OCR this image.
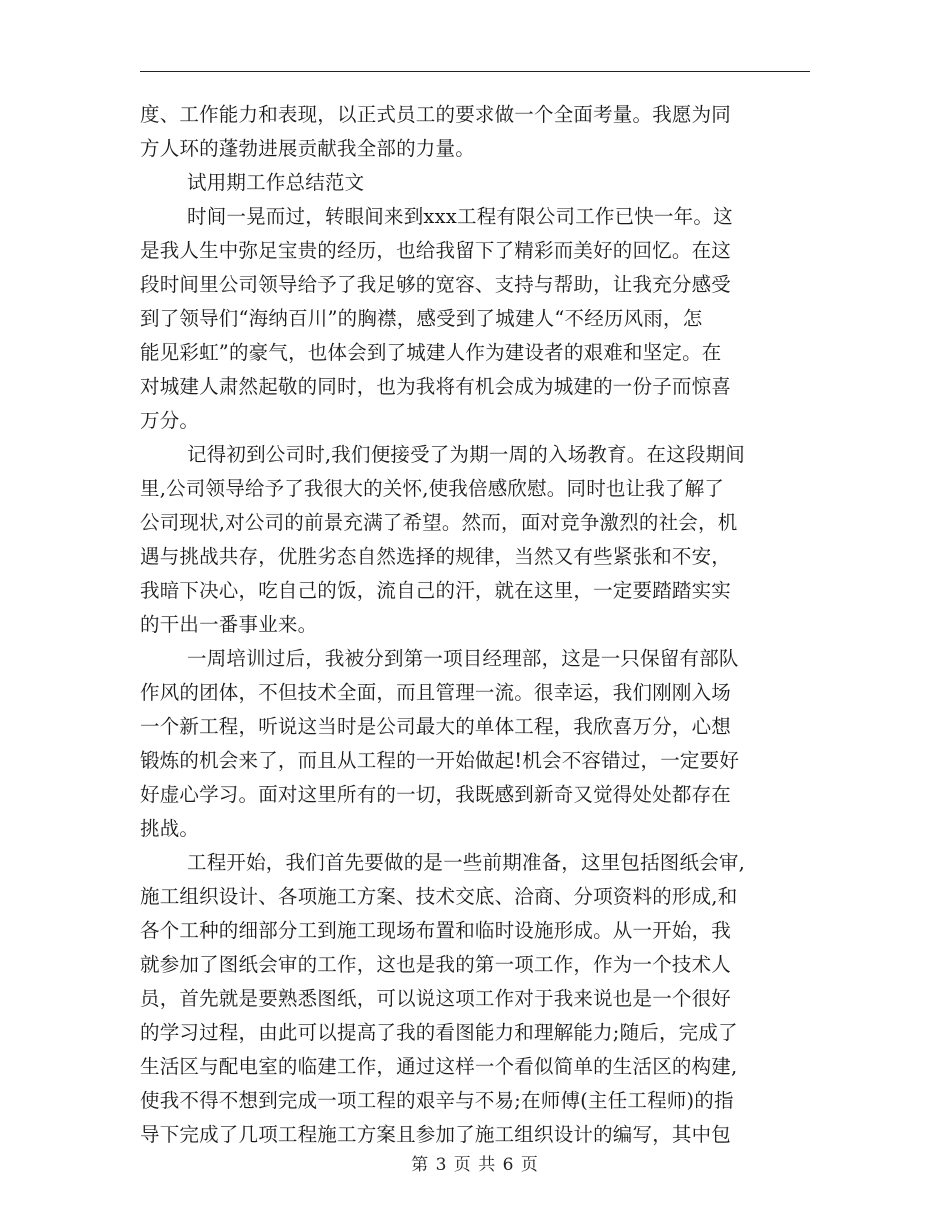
度、工作能力和表现，以正式员工的要求做一个全面考量。我愿为同
方人环的蓬勃进展贡献我全部的力量。
试用期工作总结范文
时间一晃而过，转眼间来到xxx工程有限公司工作已快一年。这
是我人生中弥足宝贵的经历，也给我留下了精彩而美好的回忆。在这
段时间里公司领导给予了我足够的宽容、支持与帮助，让我充分感受
到了领导们“海纳百川”的胸襟，感受到了城建人“不经历风雨，怎
能见彩虹”的豪气，也体会到了城建人作为建设者的艰难和坚定。在
对城建人肃然起敬的同时，也为我将有机会成为城建的一份子而惊喜
万分。
记得初到公司时,我们便接受了为期一周的入场教育。在这段期间
里,公司领导给予了我很大的关怀,使我倍感欣慰。同时也让我了解了
公司现状,对公司的前景充满了希望。然而，面对竞争激烈的社会，机
遇与挑战共存，优胜劣态自然选择的规律，当然又有些紧张和不安，
我暗下决心，吃自己的饭，流自己的汗，就在这里，一定要踏踏实实
的干出一番事业来。
一周培训过后，我被分到第一项目经理部，这是一只保留有部队
作风的团体，不但技术全面，而且管理一流。很幸运，我们刚刚入场
一个新工程，听说这当时是公司最大的单体工程，我欣喜万分，心想
锻炼的机会来了，而且从工程的一开始做起!机会不容错过，一定要好
好虚心学习。面对这里所有的一切，我既感到新奇又觉得处处都存在
挑战。
工程开始，我们首先要做的是一些前期准备，这里包括图纸会审,
施工组织设计、各项施工方案、技术交底、洽商、分项资料的形成,和
各个工种的细部分工到施工现场布置和临时设施形成。从一开始，我
就参加了图纸会审的工作，这也是我的第一项工作，作为一个技术人
员，首先就是要熟悉图纸，可以说这项工作对于我来说也是一个很好
的学习过程，由此可以提高了我的看图能力和理解能力;随后，完成了
生活区与配电室的临建工作，通过这样一个看似简单的生活区的构建,
使我不得不想到完成一项工程的艰辛与不易;在师傅(主任工程师)的指
导下完成了几项工程施工方案且参加了施工组织设计的编写，其中包
第 3 页 共 6 页
